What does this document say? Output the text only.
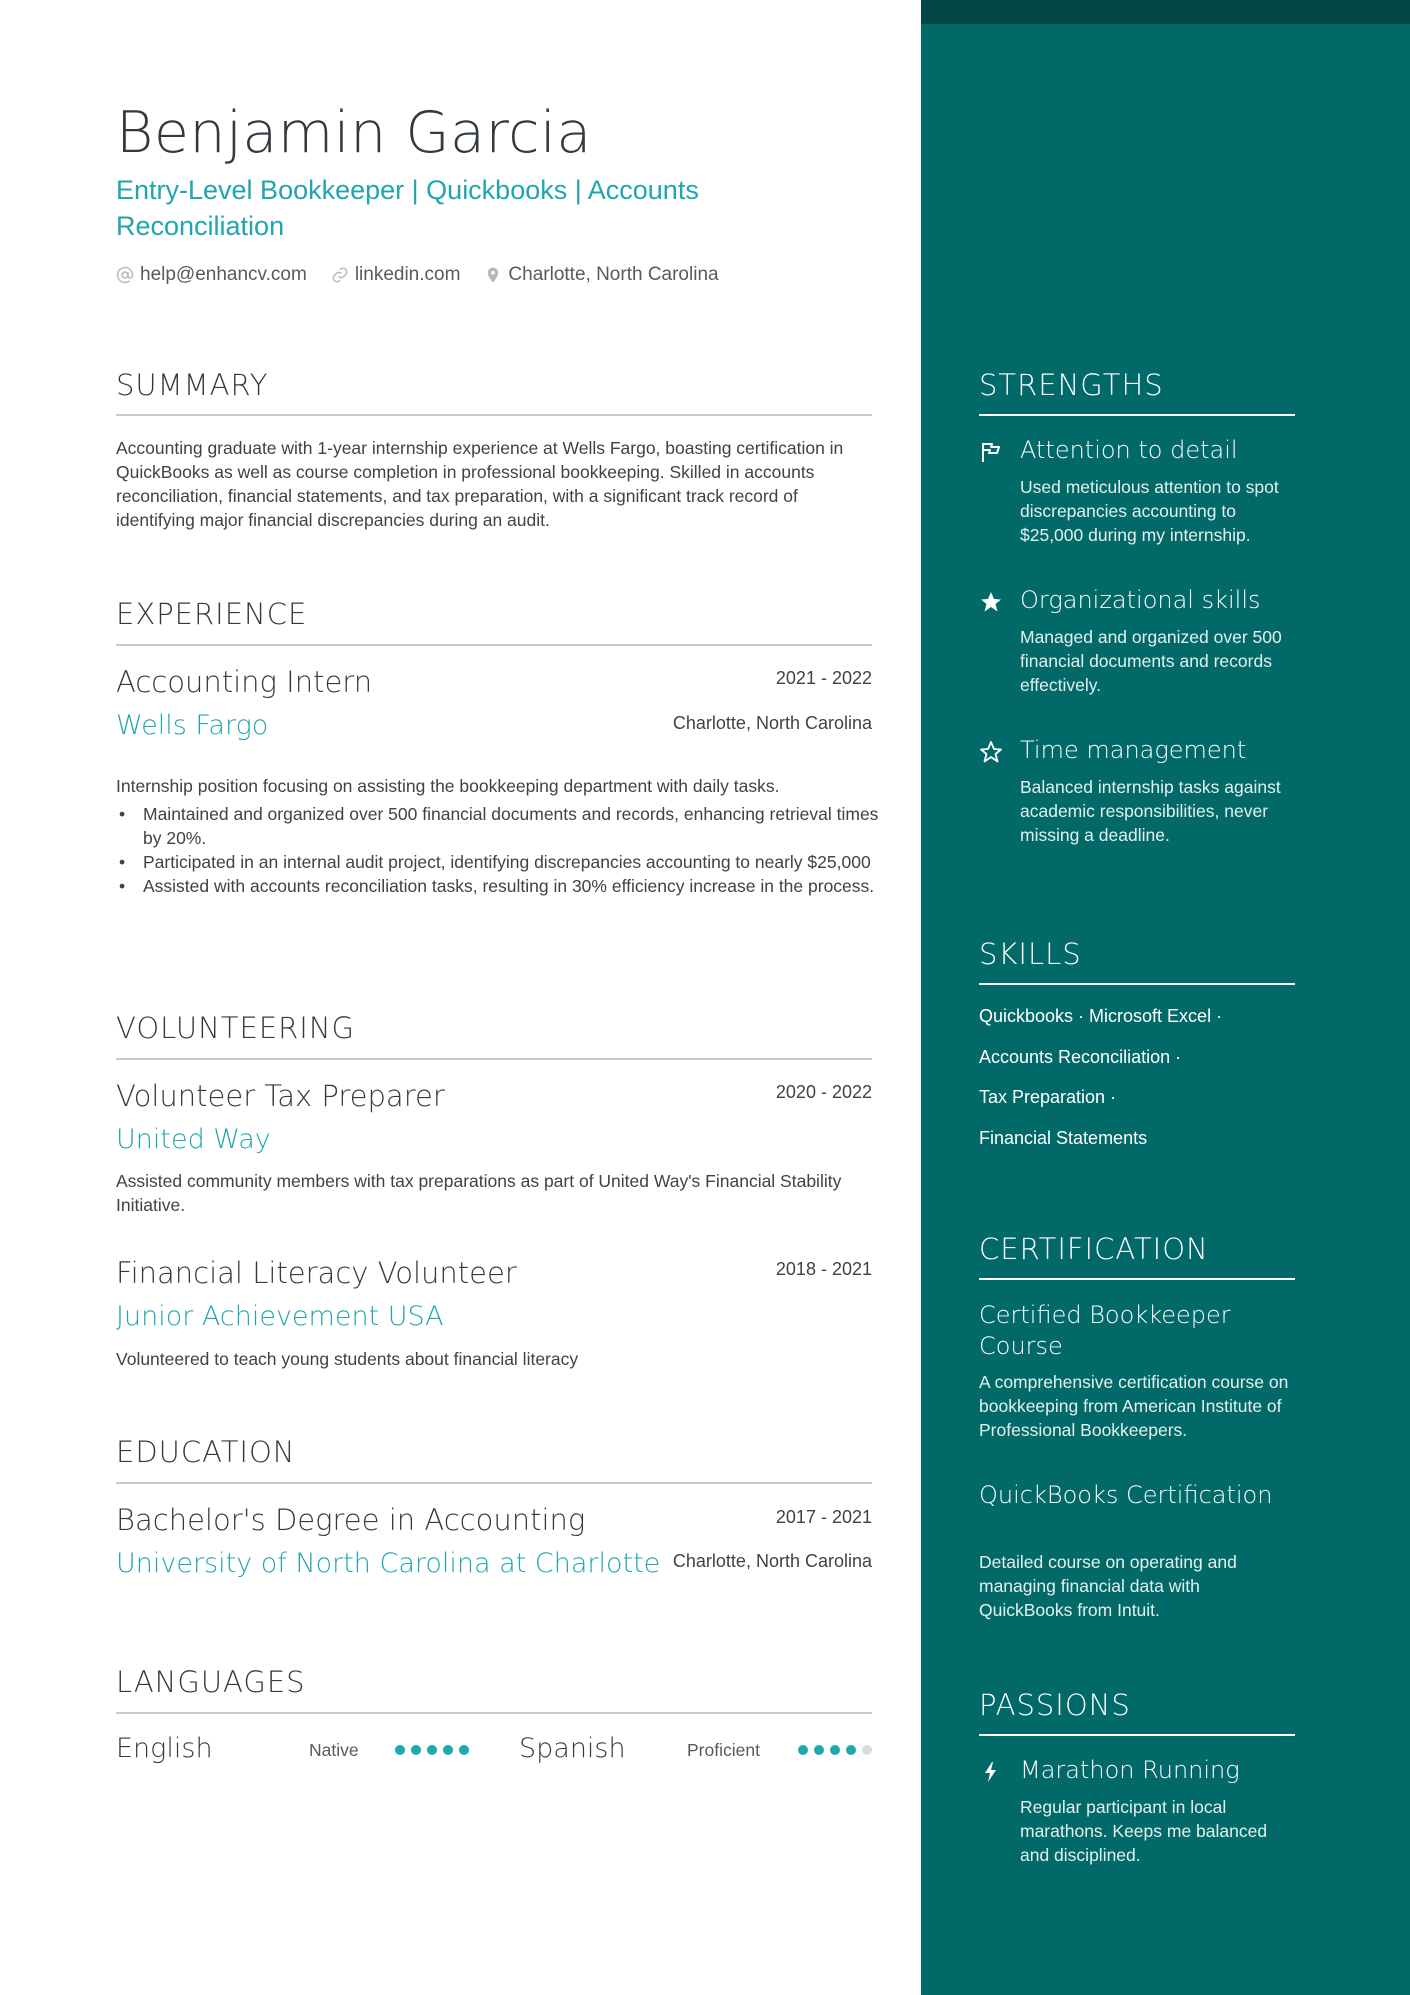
Benjamin Garcia

Entry-Level Bookkeeper | Quickbooks | Accounts Reconciliation

help@enhancv.com	linkedin.com	Charlotte, North Carolina
SUMMARY

Accounting graduate with 1-year internship experience at Wells Fargo, boasting certification in QuickBooks as well as course completion in professional bookkeeping. Skilled in accounts reconciliation, financial statements, and tax preparation, with a significant track record of identifying major financial discrepancies during an audit.

EXPERIENCE
Accounting Intern	2021 - 2022
Wells Fargo	Charlotte, North Carolina

Internship position focusing on assisting the bookkeeping department with daily tasks.

• Maintained and organized over 500 financial documents and records, enhancing retrieval times by 20%.
• Participated in an internal audit project, identifying discrepancies accounting to nearly $25,000
• Assisted with accounts reconciliation tasks, resulting in 30% efficiency increase in the process.
VOLUNTEERING
Volunteer Tax Preparer	2020 - 2022
United Way

Assisted community members with tax preparations as part of United Way's Financial Stability Initiative.

Financial Literacy Volunteer	2018 - 2021
Junior Achievement USA

Volunteered to teach young students about financial literacy

EDUCATION
Bachelor's Degree in Accounting	2017 - 2021
University of North Carolina at Charlotte Charlotte, North Carolina
LANGUAGES
English	Native	Spanish	Proficient
STRENGTHS
Attention to detail

Used meticulous attention to spot discrepancies accounting to $25,000 during my internship.

Organizational skills

Managed and organized over 500 financial documents and records effectively.

Time management

Balanced internship tasks against academic responsibilities, never missing a deadline.

SKILLS
Quickbooks · Microsoft Excel ·
Accounts Reconciliation ·
Tax Preparation ·
Financial Statements
CERTIFICATION
Certified Bookkeeper Course

A comprehensive certification course on bookkeeping from American Institute of Professional Bookkeepers.

QuickBooks Certification

Detailed course on operating and managing financial data with QuickBooks from Intuit.

PASSIONS
Marathon Running

Regular participant in local marathons. Keeps me balanced and disciplined.
